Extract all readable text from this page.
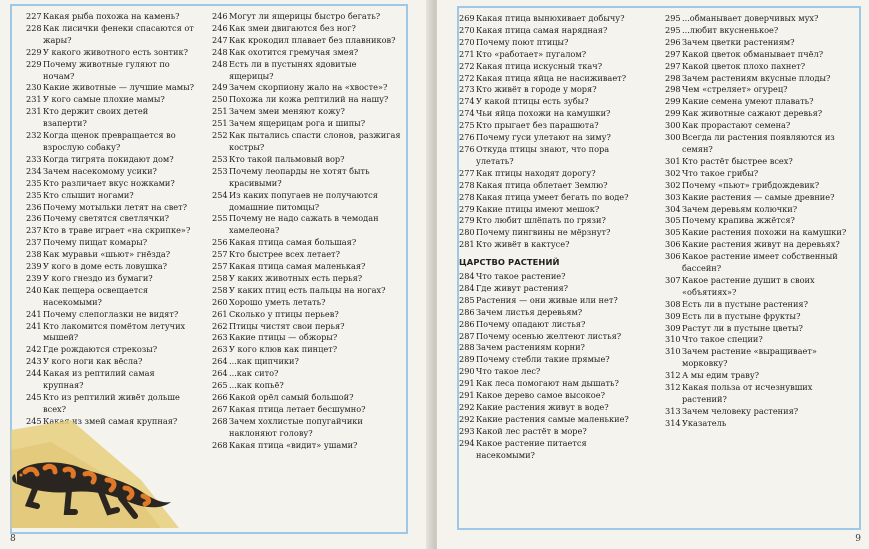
227 Какая рыба похожа на камень?
228 Как лисички фенеки спасаются от жары?
229 У какого животного есть зонтик?
229 Почему животные гуляют по ночам?
230 Какие животные — лучшие мамы?
231 У кого самые плохие мамы?
231 Кто держит своих детей взаперти?
232 Когда щенок превращается во взрослую собаку?
233 Когда тигрята покидают дом?
234 Зачем насекомому усики?
235 Кто различает вкус ножками?
235 Кто слышит ногами?
236 Почему мотыльки летят на свет?
236 Почему светятся светлячки?
237 Кто в траве играет «на скрипке»?
237 Почему пищат комары?
238 Как муравьи «шьют» гнёзда?
239 У кого в доме есть ловушка?
239 У кого гнездо из бумаги?
240 Как пещера освещается насекомыми?
241 Почему слепоглазки не видят?
241 Кто лакомится помётом летучих мышей?
242 Где рождаются стрекозы?
243 У кого ноги как вёсла?
244 Какая из рептилий самая крупная?
245 Кто из рептилий живёт дольше всех?
245 Какая из змей самая крупная?
246 Могут ли ящерицы быстро бегать?
246 Как змеи двигаются без ног?
247 Как крокодил плавает без плавников?
248 Как охотится гремучая змея?
248 Есть ли в пустынях ядовитые ящерицы?
249 Зачем скорпиону жало на «хвосте»?
250 Похожа ли кожа рептилий на нашу?
251 Зачем змеи меняют кожу?
251 Зачем ящерицам рога и шипы?
252 Как пытались спасти слонов, разжигая костры?
253 Кто такой пальмовый вор?
253 Почему леопарды не хотят быть красивыми?
254 Из каких попугаев не получаются домашние питомцы?
255 Почему не надо сажать в чемодан хамелеона?
256 Какая птица самая большая?
257 Кто быстрее всех летает?
257 Какая птица самая маленькая?
258 У каких животных есть перья?
258 У каких птиц есть пальцы на ногах?
260 Хорошо уметь летать?
261 Сколько у птицы перьев?
262 Птицы чистят свои перья?
263 Какие птицы — обжоры?
263 У кого клюв как пинцет?
264 ...как щипчики?
264 ...как сито?
265 ...как копьё?
266 Какой орёл самый большой?
267 Какая птица летает бесшумно?
268 Зачем хохлистые попугайчики наклоняют голову?
268 Какая птица «видит» ушами?
8
269 Какая птица вынюхивает добычу?
270 Какая птица самая нарядная?
270 Почему поют птицы?
271 Кто «работает» пугалом?
272 Какая птица искусный ткач?
272 Какая птица яйца не насиживает?
273 Кто живёт в городе у моря?
274 У какой птицы есть зубы?
274 Чьи яйца похожи на камушки?
275 Кто прыгает без парашюта?
276 Почему гуси улетают на зиму?
276 Откуда птицы знают, что пора улетать?
277 Как птицы находят дорогу?
278 Какая птица облетает Землю?
278 Какая птица умеет бегать по воде?
279 Какие птицы имеют мешок?
279 Кто любит шлёпать по грязи?
280 Почему пингвины не мёрзнут?
281 Кто живёт в кактусе?
ЦАРСТВО РАСТЕНИЙ
284 Что такое растение?
284 Где живут растения?
285 Растения — они живые или нет?
286 Зачем листья деревьям?
286 Почему опадают листья?
287 Почему осенью желтеют листья?
288 Зачем растениям корни?
289 Почему стебли такие прямые?
290 Что такое лес?
291 Как леса помогают нам дышать?
291 Какое дерево самое высокое?
292 Какие растения живут в воде?
292 Какие растения самые маленькие?
293 Какой лес растёт в море?
294 Какое растение питается насекомыми?
295 ...обманывает доверчивых мух?
295 ...любит вкусненькое?
296 Зачем цветки растениям?
297 Какой цветок обманывает пчёл?
297 Какой цветок плохо пахнет?
298 Зачем растениям вкусные плоды?
298 Чем «стреляет» огурец?
299 Какие семена умеют плавать?
299 Как животные сажают деревья?
300 Как прорастают семена?
300 Всегда ли растения появляются из семян?
301 Кто растёт быстрее всех?
302 Что такое грибы?
302 Почему «пьют» грибдождевик?
303 Какие растения — самые древние?
304 Зачем деревьям колючки?
305 Почему крапива жжётся?
305 Какие растения похожи на камушки?
306 Какие растения живут на деревьях?
306 Какое растение имеет собственный бассейн?
307 Какое растение душит в своих «объятиях»?
308 Есть ли в пустыне растения?
309 Есть ли в пустыне фрукты?
309 Растут ли в пустыне цветы?
310 Что такое специи?
310 Зачем растение «выращивает» морковку?
312 А мы едим траву?
312 Какая польза от исчезнувших растений?
313 Зачем человеку растения?
314 Указатель
9
